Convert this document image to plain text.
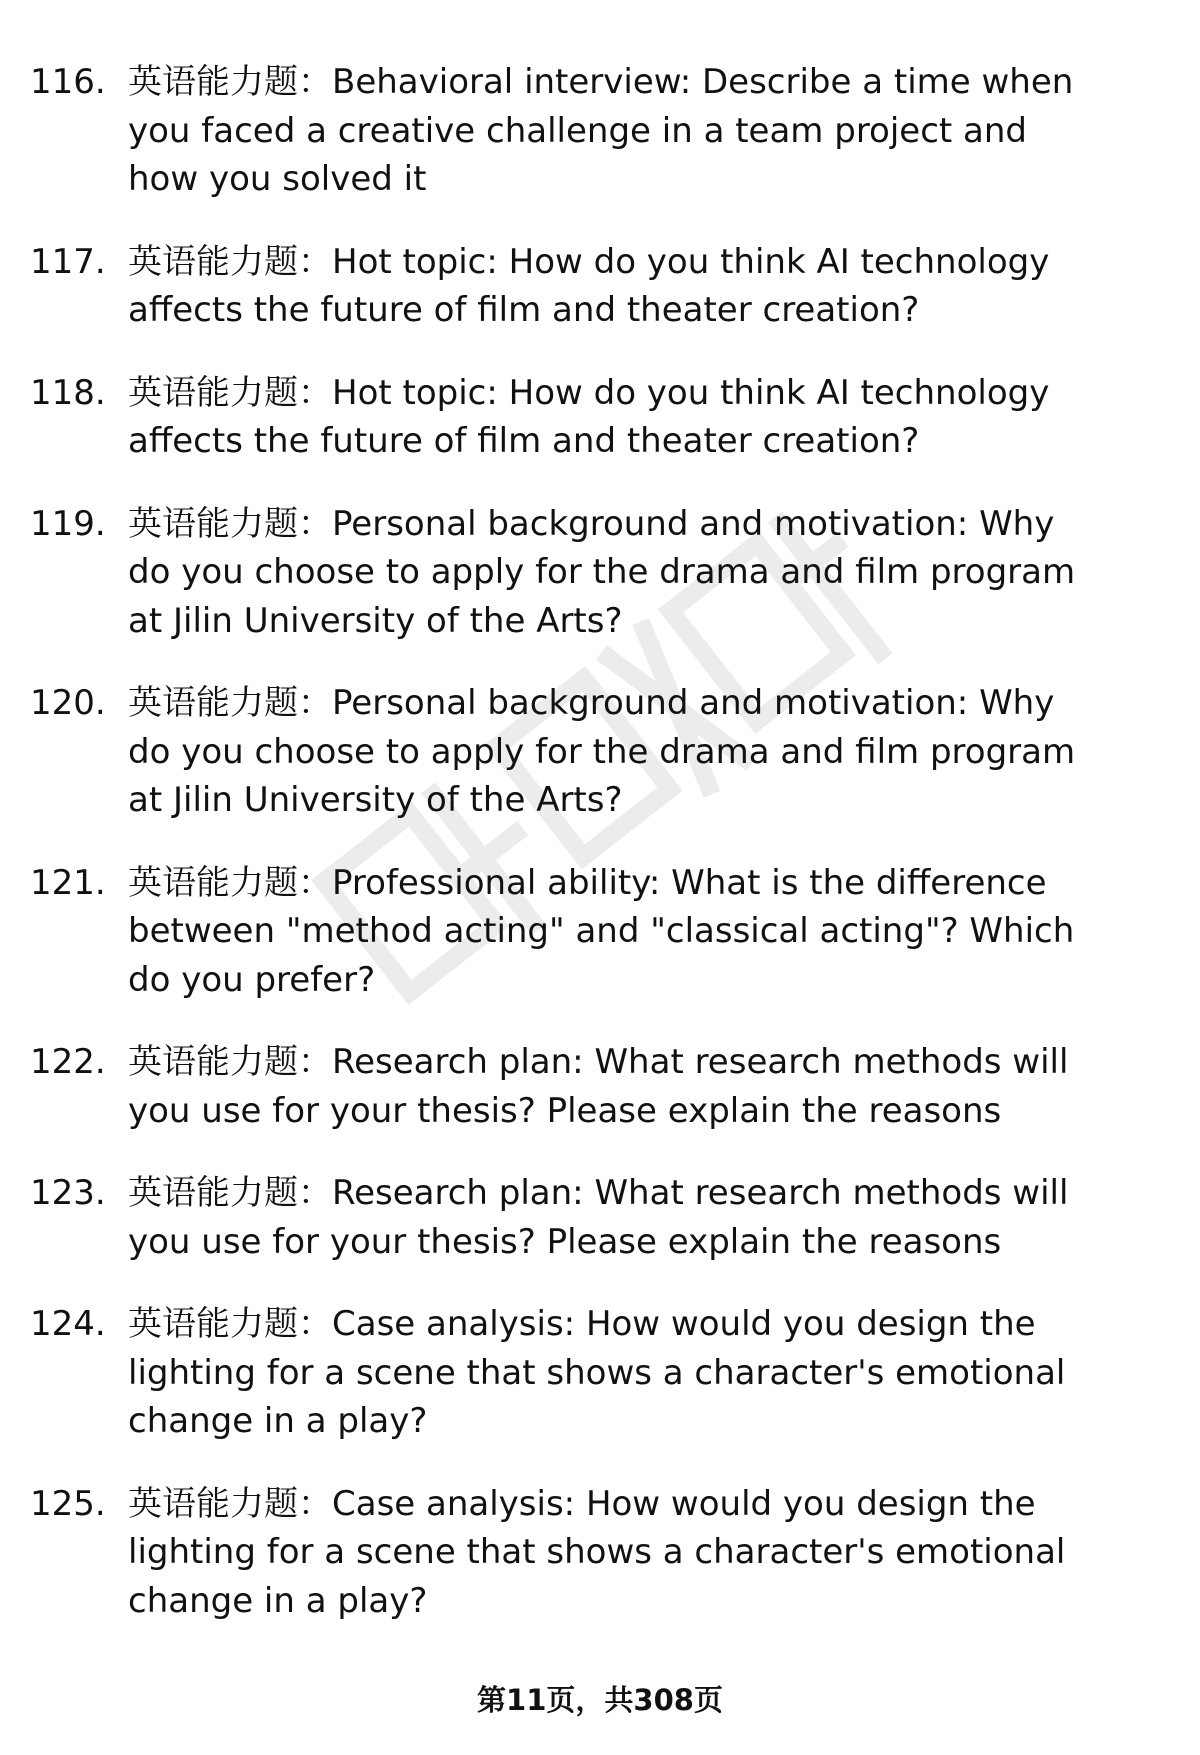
116. 英语能力题：Behavioral interview: Describe a time when you faced a creative challenge in a team project and how you solved it
117. 英语能力题：Hot topic: How do you think AI technology affects the future of film and theater creation?
118. 英语能力题：Hot topic: How do you think AI technology affects the future of film and theater creation?
119. 英语能力题：Personal background and motivation: Why do you choose to apply for the drama and film program at Jilin University of the Arts?
120. 英语能力题：Personal background and motivation: Why do you choose to apply for the drama and film program at Jilin University of the Arts?
121. 英语能力题：Professional ability: What is the difference between "method acting" and "classical acting"? Which do you prefer?
122. 英语能力题：Research plan: What research methods will you use for your thesis? Please explain the reasons
123. 英语能力题：Research plan: What research methods will you use for your thesis? Please explain the reasons
124. 英语能力题：Case analysis: How would you design the lighting for a scene that shows a character's emotional change in a play?
125. 英语能力题：Case analysis: How would you design the lighting for a scene that shows a character's emotional change in a play?
第11页，共308页
